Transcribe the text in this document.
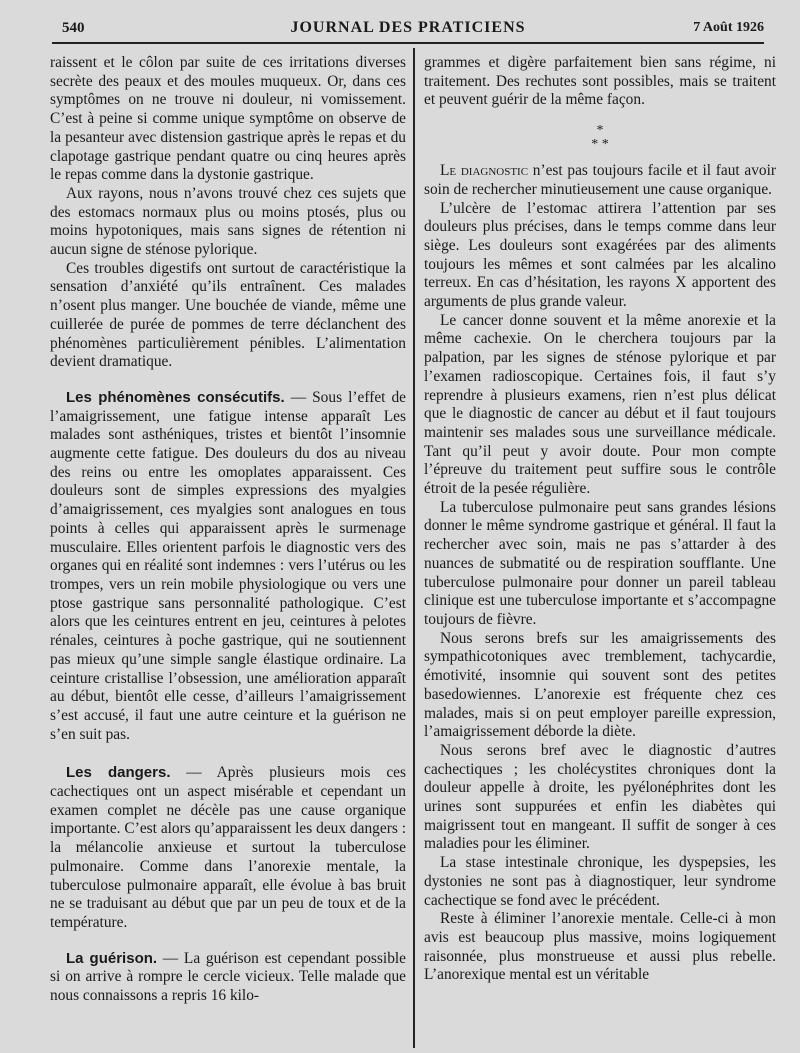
540	JOURNAL DES PRATICIENS	7 Août 1926

raissent et le côlon par suite de ces irritations diverses secrète des peaux et des moules muqueux. Or, dans ces symptômes on ne trouve ni douleur, ni vomissement. C’est à peine si comme unique symptôme on observe de la pesanteur avec distension gastrique après le repas et du clapotage gastrique pendant quatre ou cinq heures après le repas comme dans la dystonie gastrique.

Aux rayons, nous n’avons trouvé chez ces sujets que des estomacs normaux plus ou moins ptosés, plus ou moins hypotoniques, mais sans signes de rétention ni aucun signe de sténose pylorique.

Ces troubles digestifs ont surtout de caractéristique la sensation d’anxiété qu’ils entraînent. Ces malades n’osent plus manger. Une bouchée de viande, même une cuillerée de purée de pommes de terre déclanchent des phénomènes particulièrement pénibles. L’alimentation devient dramatique.

Les phénomènes consécutifs. — Sous l’effet de l’amaigrissement, une fatigue intense apparaît Les malades sont asthéniques, tristes et bientôt l’insomnie augmente cette fatigue. Des douleurs du dos au niveau des reins ou entre les omoplates apparaissent. Ces douleurs sont de simples expressions des myalgies d’amaigrissement, ces myalgies sont analogues en tous points à celles qui apparaissent après le surmenage musculaire. Elles orientent parfois le diagnostic vers des organes qui en réalité sont indemnes : vers l’utérus ou les trompes, vers un rein mobile physiologique ou vers une ptose gastrique sans personnalité pathologique. C’est alors que les ceintures entrent en jeu, ceintures à pelotes rénales, ceintures à poche gastrique, qui ne soutiennent pas mieux qu’une simple sangle élastique ordinaire. La ceinture cristallise l’obsession, une amélioration apparaît au début, bientôt elle cesse, d’ailleurs l’amaigrissement s’est accusé, il faut une autre ceinture et la guérison ne s’en suit pas.

Les dangers. — Après plusieurs mois ces cachectiques ont un aspect misérable et cependant un examen complet ne décèle pas une cause organique importante. C’est alors qu’apparaissent les deux dangers : la mélancolie anxieuse et surtout la tuberculose pulmonaire. Comme dans l’anorexie mentale, la tuberculose pulmonaire apparaît, elle évolue à bas bruit ne se traduisant au début que par un peu de toux et de la température.

La guérison. — La guérison est cependant possible si on arrive à rompre le cercle vicieux. Telle malade que nous connaissons a repris 16 kilo-

grammes et digère parfaitement bien sans régime, ni traitement. Des rechutes sont possibles, mais se traitent et peuvent guérir de la même façon.

*
* *

Le diagnostic n’est pas toujours facile et il faut avoir soin de rechercher minutieusement une cause organique.

L’ulcère de l’estomac attirera l’attention par ses douleurs plus précises, dans le temps comme dans leur siège. Les douleurs sont exagérées par des aliments toujours les mêmes et sont calmées par les alcalino terreux. En cas d’hésitation, les rayons X apportent des arguments de plus grande valeur.

Le cancer donne souvent et la même anorexie et la même cachexie. On le cherchera toujours par la palpation, par les signes de sténose pylorique et par l’examen radioscopique. Certaines fois, il faut s’y reprendre à plusieurs examens, rien n’est plus délicat que le diagnostic de cancer au début et il faut toujours maintenir ses malades sous une surveillance médicale. Tant qu’il peut y avoir doute. Pour mon compte l’épreuve du traitement peut suffire sous le contrôle étroit de la pesée régulière.

La tuberculose pulmonaire peut sans grandes lésions donner le même syndrome gastrique et général. Il faut la rechercher avec soin, mais ne pas s’attarder à des nuances de submatité ou de respiration soufflante. Une tuberculose pulmonaire pour donner un pareil tableau clinique est une tuberculose importante et s’accompagne toujours de fièvre.

Nous serons brefs sur les amaigrissements des sympathicotoniques avec tremblement, tachycardie, émotivité, insomnie qui souvent sont des petites basedowiennes. L’anorexie est fréquente chez ces malades, mais si on peut employer pareille expression, l’amaigrissement déborde la diète.

Nous serons bref avec le diagnostic d’autres cachectiques ; les cholécystites chroniques dont la douleur appelle à droite, les pyélonéphrites dont les urines sont suppurées et enfin les diabètes qui maigrissent tout en mangeant. Il suffit de songer à ces maladies pour les éliminer.

La stase intestinale chronique, les dyspepsies, les dystonies ne sont pas à diagnostiquer, leur syndrome cachectique se fond avec le précédent.

Reste à éliminer l’anorexie mentale. Celle-ci à mon avis est beaucoup plus massive, moins logiquement raisonnée, plus monstrueuse et aussi plus rebelle. L’anorexique mental est un véritable
